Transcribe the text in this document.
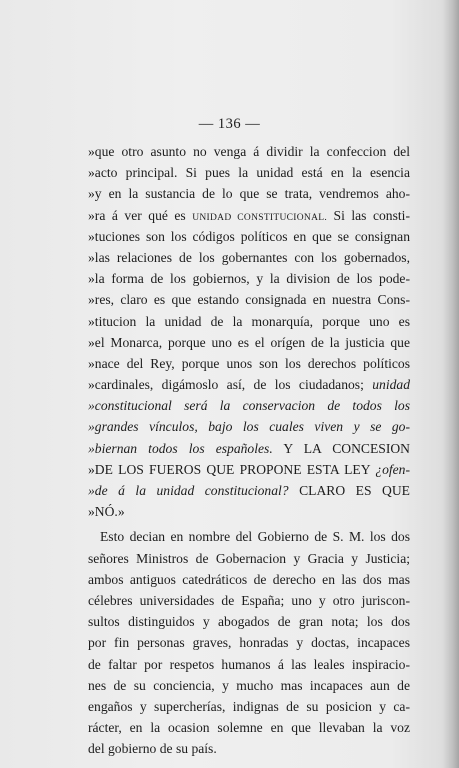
— 136 —
»que otro asunto no venga á dividir la confeccion del
»acto principal. Si pues la unidad está en la esencia
»y en la sustancia de lo que se trata, vendremos aho-
»ra á ver qué es UNIDAD CONSTITUCIONAL. Si las consti-
»tuciones son los códigos políticos en que se consignan
»las relaciones de los gobernantes con los gobernados,
»la forma de los gobiernos, y la division de los pode-
»res, claro es que estando consignada en nuestra Cons-
»titucion la unidad de la monarquía, porque uno es
»el Monarca, porque uno es el orígen de la justicia que
»nace del Rey, porque unos son los derechos políticos
»cardinales, digámoslo así, de los ciudadanos; unidad
»constitucional será la conservacion de todos los
»grandes vínculos, bajo los cuales viven y se go-
»biernan todos los españoles. Y LA CONCESION
»DE LOS FUEROS QUE PROPONE ESTA LEY ¿ofen-
»de á la unidad constitucional? CLARO ES QUE
»NÓ.»
Esto decian en nombre del Gobierno de S. M. los dos
señores Ministros de Gobernacion y Gracia y Justicia;
ambos antiguos catedráticos de derecho en las dos mas
célebres universidades de España; uno y otro juriscon-
sultos distinguidos y abogados de gran nota; los dos
por fin personas graves, honradas y doctas, incapaces
de faltar por respetos humanos á las leales inspiracio-
nes de su conciencia, y mucho mas incapaces aun de
engaños y supercherías, indignas de su posicion y ca-
rácter, en la ocasion solemne en que llevaban la voz
del gobierno de su país.
